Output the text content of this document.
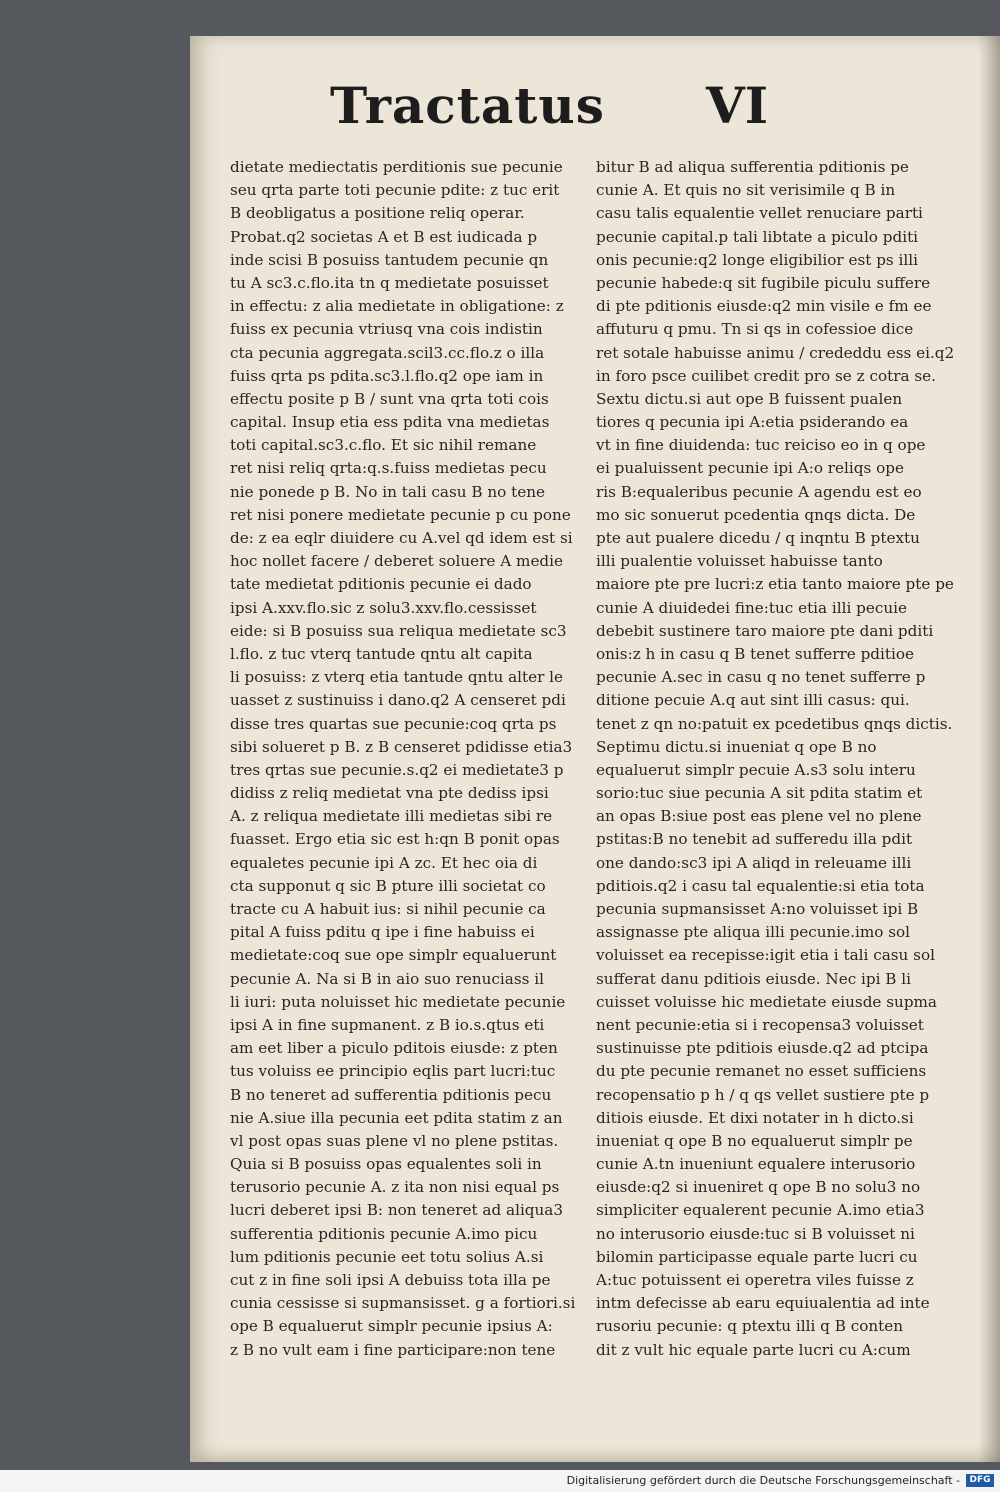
Tractatus VI
dietate mediectatis perditionis sue pecunie
seu qrta parte toti pecunie pdite: z tuc erit
B deobligatus a positione reliq operar.
Probat.q2 societas A et B est iudicada p
inde scisi B posuiss tantudem pecunie qn
tu A sc3.c.flo.ita tn q medietate posuisset
in effectu: z alia medietate in obligatione: z
fuiss ex pecunia vtriusq vna cois indistin
cta pecunia aggregata.scil3.cc.flo.z o illa
fuiss qrta ps pdita.sc3.l.flo.q2 ope iam in
effectu posite p B / sunt vna qrta toti cois
capital. Insup etia ess pdita vna medietas
toti capital.sc3.c.flo. Et sic nihil remane
ret nisi reliq qrta:q.s.fuiss medietas pecu
nie ponede p B. No in tali casu B no tene
ret nisi ponere medietate pecunie p cu pone
de: z ea eqlr diuidere cu A.vel qd idem est si
hoc nollet facere / deberet soluere A medie
tate medietat pditionis pecunie ei dado
ipsi A.xxv.flo.sic z solu3.xxv.flo.cessisset
eide: si B posuiss sua reliqua medietate sc3
l.flo. z tuc vterq tantude qntu alt capita
li posuiss: z vterq etia tantude qntu alter le
uasset z sustinuiss i dano.q2 A censeret pdi
disse tres quartas sue pecunie:coq qrta ps
sibi solueret p B. z B censeret pdidisse etia3
tres qrtas sue pecunie.s.q2 ei medietate3 p
didiss z reliq medietat vna pte dediss ipsi
A. z reliqua medietate illi medietas sibi re
fuasset. Ergo etia sic est h:qn B ponit opas
equaletes pecunie ipi A zc. Et hec oia di
cta supponut q sic B pture illi societat co
tracte cu A habuit ius: si nihil pecunie ca
pital A fuiss pditu q ipe i fine habuiss ei
medietate:coq sue ope simplr equaluerunt
pecunie A. Na si B in aio suo renuciass il
li iuri: puta noluisset hic medietate pecunie
ipsi A in fine supmanent. z B io.s.qtus eti
am eet liber a piculo pditois eiusde: z pten
tus voluiss ee principio eqlis part lucri:tuc
B no teneret ad sufferentia pditionis pecu
nie A.siue illa pecunia eet pdita statim z an
vl post opas suas plene vl no plene pstitas.
Quia si B posuiss opas equalentes soli in
terusorio pecunie A. z ita non nisi equal ps
lucri deberet ipsi B: non teneret ad aliqua3
sufferentia pditionis pecunie A.imo picu
lum pditionis pecunie eet totu solius A.si
cut z in fine soli ipsi A debuiss tota illa pe
cunia cessisse si supmansisset. g a fortiori.si
ope B equaluerut simplr pecunie ipsius A:
z B no vult eam i fine participare:non tene
bitur B ad aliqua sufferentia pditionis pe
cunie A. Et quis no sit verisimile q B in
casu talis equalentie vellet renuciare parti
pecunie capital.p tali libtate a piculo pditi
onis pecunie:q2 longe eligibilior est ps illi
pecunie habede:q sit fugibile piculu suffere
di pte pditionis eiusde:q2 min visile e fm ee
affuturu q pmu. Tn si qs in cofessioe dice
ret sotale habuisse animu / crededdu ess ei.q2
in foro psce cuilibet credit pro se z cotra se.
Sextu dictu.si aut ope B fuissent pualen
tiores q pecunia ipi A:etia psiderando ea
vt in fine diuidenda: tuc reiciso eo in q ope
ei pualuissent pecunie ipi A:o reliqs ope
ris B:equaleribus pecunie A agendu est eo
mo sic sonuerut pcedentia qnqs dicta. De
pte aut pualere dicedu / q inqntu B ptextu
illi pualentie voluisset habuisse tanto
maiore pte pre lucri:z etia tanto maiore pte pe
cunie A diuidedei fine:tuc etia illi pecuie
debebit sustinere taro maiore pte dani pditi
onis:z h in casu q B tenet sufferre pditioe
pecunie A.sec in casu q no tenet sufferre p
ditione pecuie A.q aut sint illi casus: qui.
tenet z qn no:patuit ex pcedetibus qnqs dictis.
Septimu dictu.si inueniat q ope B no
equaluerut simplr pecuie A.s3 solu interu
sorio:tuc siue pecunia A sit pdita statim et
an opas B:siue post eas plene vel no plene
pstitas:B no tenebit ad sufferedu illa pdit
one dando:sc3 ipi A aliqd in releuame illi
pditiois.q2 i casu tal equalentie:si etia tota
pecunia supmansisset A:no voluisset ipi B
assignasse pte aliqua illi pecunie.imo sol
voluisset ea recepisse:igit etia i tali casu sol
sufferat danu pditiois eiusde. Nec ipi B li
cuisset voluisse hic medietate eiusde supma
nent pecunie:etia si i recopensa3 voluisset
sustinuisse pte pditiois eiusde.q2 ad ptcipa
du pte pecunie remanet no esset sufficiens
recopensatio p h / q qs vellet sustiere pte p
ditiois eiusde. Et dixi notater in h dicto.si
inueniat q ope B no equaluerut simplr pe
cunie A.tn inueniunt equalere interusorio
eiusde:q2 si inueniret q ope B no solu3 no
simpliciter equalerent pecunie A.imo etia3
no interusorio eiusde:tuc si B voluisset ni
bilomin participasse equale parte lucri cu
A:tuc potuissent ei operetra viles fuisse z
intm defecisse ab earu equiualentia ad inte
rusoriu pecunie: q ptextu illi q B conten
dit z vult hic equale parte lucri cu A:cum
Digitalisierung gefördert durch die Deutsche Forschungsgemeinschaft -	DFG
